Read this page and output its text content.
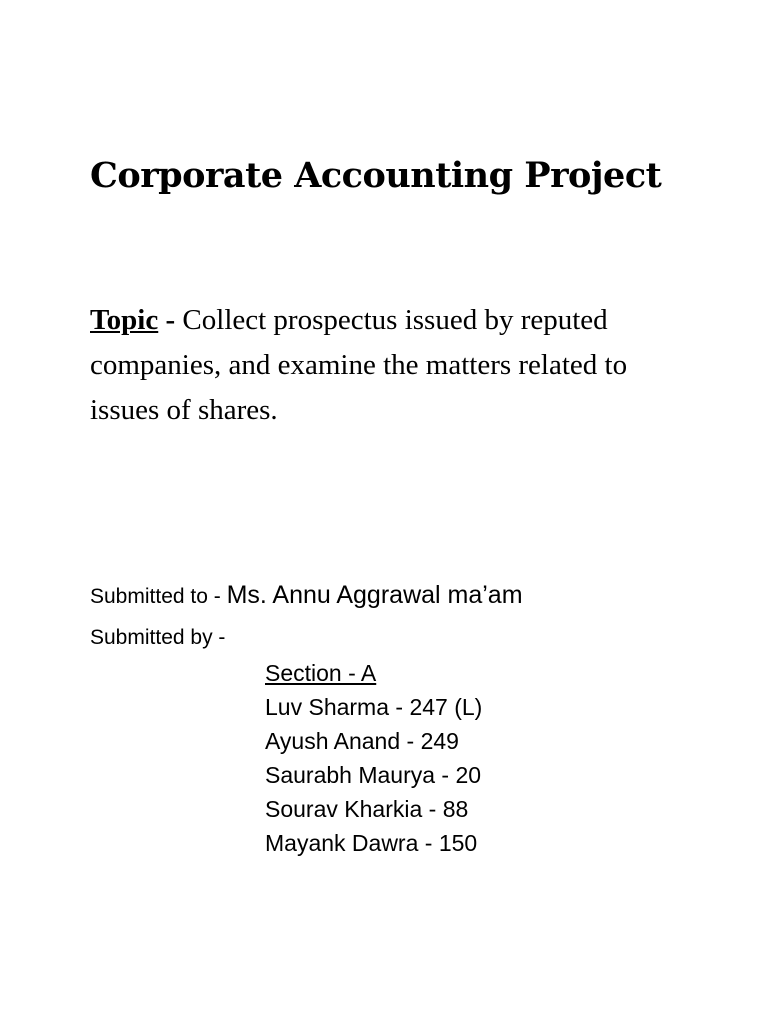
Corporate Accounting Project

Topic - Collect prospectus issued by reputed companies, and examine the matters related to issues of shares.

Submitted to - Ms. Annu Aggrawal ma’am
Submitted by -
Section - A
Luv Sharma - 247 (L)
Ayush Anand - 249
Saurabh Maurya - 20
Sourav Kharkia - 88
Mayank Dawra - 150
